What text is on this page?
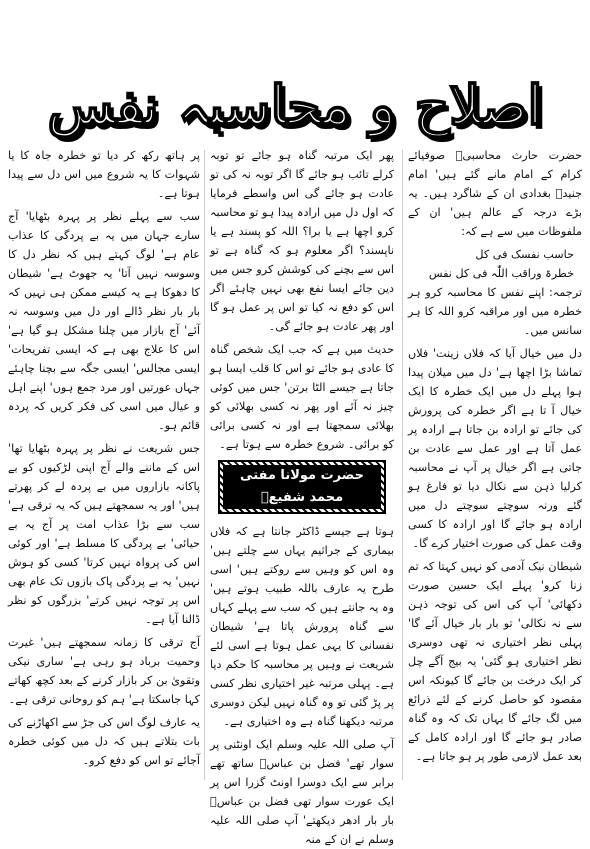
اصلاح و محاسبہ نفس

حضرت حارث محاسبیؒ صوفیائے کرام کے امام مانے گئے ہیں' امام جنیدؒ بغدادی ان کے شاگرد ہیں۔ یہ بڑے درجہ کے عالم ہیں' ان کے ملفوظات میں سے ہے کہ:

حاسب نفسک فی کل

خطرۃ وراقب اللّٰہ فی کل نفس

ترجمہ: اپنے نفس کا محاسبہ کرو ہر خطرہ میں اور مراقبہ کرو اللہ کا ہر سانس میں۔

دل میں خیال آیا کہ فلاں زینت' فلاں تماشا بڑا اچھا ہے' دل میں میلان پیدا ہوا پہلے دل میں ایک خطرہ کا ایک خیال آ تا ہے اگر خطرہ کی پرورش کی جائے تو ارادہ بن جاتا ہے ارادہ پر عمل آتا ہے اور عمل سے عادت بن جاتی ہے اگر خیال پر آپ نے محاسبہ کرلیا ذہن سے نکال دیا تو فارغ ہو گئے ورنہ سوچتے سوچتے دل میں ارادہ ہو جائے گا اور ارادہ کا کسی وقت عمل کی صورت اختیار کرے گا۔

شیطان نیک آدمی کو نہیں کہتا کہ تم زنا کرو' پہلے ایک حسین صورت دکھائی' آپ کی اس کی توجہ ذہن سے نہ نکالی' تو بار بار خیال آئے گا' پہلی نظر اختیاری نہ تھی دوسری نظر اختیاری ہو گئی' یہ بیج آگے چل کر ایک درخت بن جائے گا کیونکہ اس مقصود کو حاصل کرنے کے لئے ذرائع میں لگ جائے گا یہاں تک کہ وہ گناہ صادر ہو جائے گا اور ارادہ کامل کے بعد عمل لازمی طور پر ہو جاتا ہے۔

پھر ایک مرتبہ گناہ ہو جائے تو توبہ کرلے تائب ہو جائے گا اگر توبہ نہ کی تو عادت ہو جائے گی اس واسطے فرمایا کہ اول دل میں ارادہ پیدا ہو تو محاسبہ کرو اچھا ہے یا برا؟ اللہ کو پسند ہے یا ناپسند؟ اگر معلوم ہو کہ گناہ ہے تو اس سے بچنے کی کوشش کرو جس میں دین جائے ایسا نفع بھی نہیں چاہئے اگر اس کو دفع نہ کیا تو اس پر عمل ہو گا اور پھر عادت ہو جائے گی۔

حدیث میں ہے کہ جب ایک شخص گناہ کا عادی ہو جائے تو اس کا قلب ایسا ہو جاتا ہے جیسے الٹا برتن' جس میں کوئی چیز نہ آئے اور پھر نہ کسی بھلائی کو بھلائی سمجھتا ہے اور نہ کسی برائی کو برائی۔ شروع خطرہ سے ہوتا ہے۔

حضرت مولانا مفتی محمد شفیعؒ

ہوتا ہے جیسے ڈاکٹر جانتا ہے کہ فلاں بیماری کے جراثیم یہاں سے چلتے ہیں' وہ اس کو وہیں سے روکتے ہیں' اسی طرح یہ عارف باللہ طبیب ہوتے ہیں' وہ یہ جانتے ہیں کہ سب سے پہلے کہاں سے گناہ پرورش پاتا ہے' شیطان نفسانی کا یہی عمل ہوتا ہے اسی لئے شریعت نے وہیں پر محاسبہ کا حکم دیا ہے۔ پہلی مرتبہ غیر اختیاری نظر کسی پر پڑ گئی تو وہ گناہ نہیں لیکن دوسری مرتبہ دیکھنا گناہ ہے وہ اختیاری ہے۔

آپ صلی اللہ علیہ وسلم ایک اونٹنی پر سوار تھے' فضل بن عباسؓ ساتھ تھے برابر سے ایک دوسرا اونٹ گزرا اس پر ایک عورت سوار تھی فضل بن عباسؓ بار بار ادھر دیکھتے' آپ صلی اللہ علیہ وسلم نے ان کے منہ

پر ہاتھ رکھ کر دیا تو خطرہ جاہ کا یا شہوات کا یہ شروع میں اس دل سے پیدا ہوتا ہے۔

سب سے پہلے نظر پر پہرہ بٹھایا' آج سارے جہان میں یہ بے پردگی کا عذاب عام ہے' لوگ کہتے ہیں کہ نظر دل کا وسوسہ نہیں آتا' یہ جھوٹ ہے' شیطان کا دھوکا ہے یہ کیسے ممکن ہی نہیں کہ بار بار نظر ڈالے اور دل میں وسوسہ نہ آئے' آج بازار میں چلنا مشکل ہو گیا ہے' اس کا علاج بھی ہے کہ ایسی تفریحات' ایسی مجالس' ایسی جگہ سے بچنا چاہئے جہاں عورتیں اور مرد جمع ہوں' اپنے اہل و عیال میں اسی کی فکر کریں کہ پردہ قائم ہو۔

جس شریعت نے نظر پر پہرہ بٹھایا تھا' اس کے ماننے والے آج اپنی لڑکیوں کو بے پاکانہ بازاروں میں بے پردہ لے کر پھرتے ہیں' اور یہ سمجھتے ہیں کہ یہ ترقی ہے' سب سے بڑا عذاب امت پر آج یہ بے حیائی' بے پردگی کا مسلط ہے' اور کوئی اس کی پرواہ نہیں کرتا' کسی کو ہوش نہیں' یہ بے پردگی پاک بازوں تک عام بھی اس پر توجہ نہیں کرتے' بزرگوں کو نظر ڈالنا آیا ہے۔

آج ترقی کا زمانہ سمجھتے ہیں' غیرت وحمیت برباد ہو رہی ہے' ساری نیکی وتقویٰ بن کر بازار کرنے کے بعد کچھ کھاتے کہا جاسکتا ہے' ہم کو روحانی ترقی ہے۔

یہ عارف لوگ اس کی جڑ سے اکھاڑنے کی بات بتلاتے ہیں کہ دل میں کوئی خطرہ آجائے تو اس کو دفع کرو۔
